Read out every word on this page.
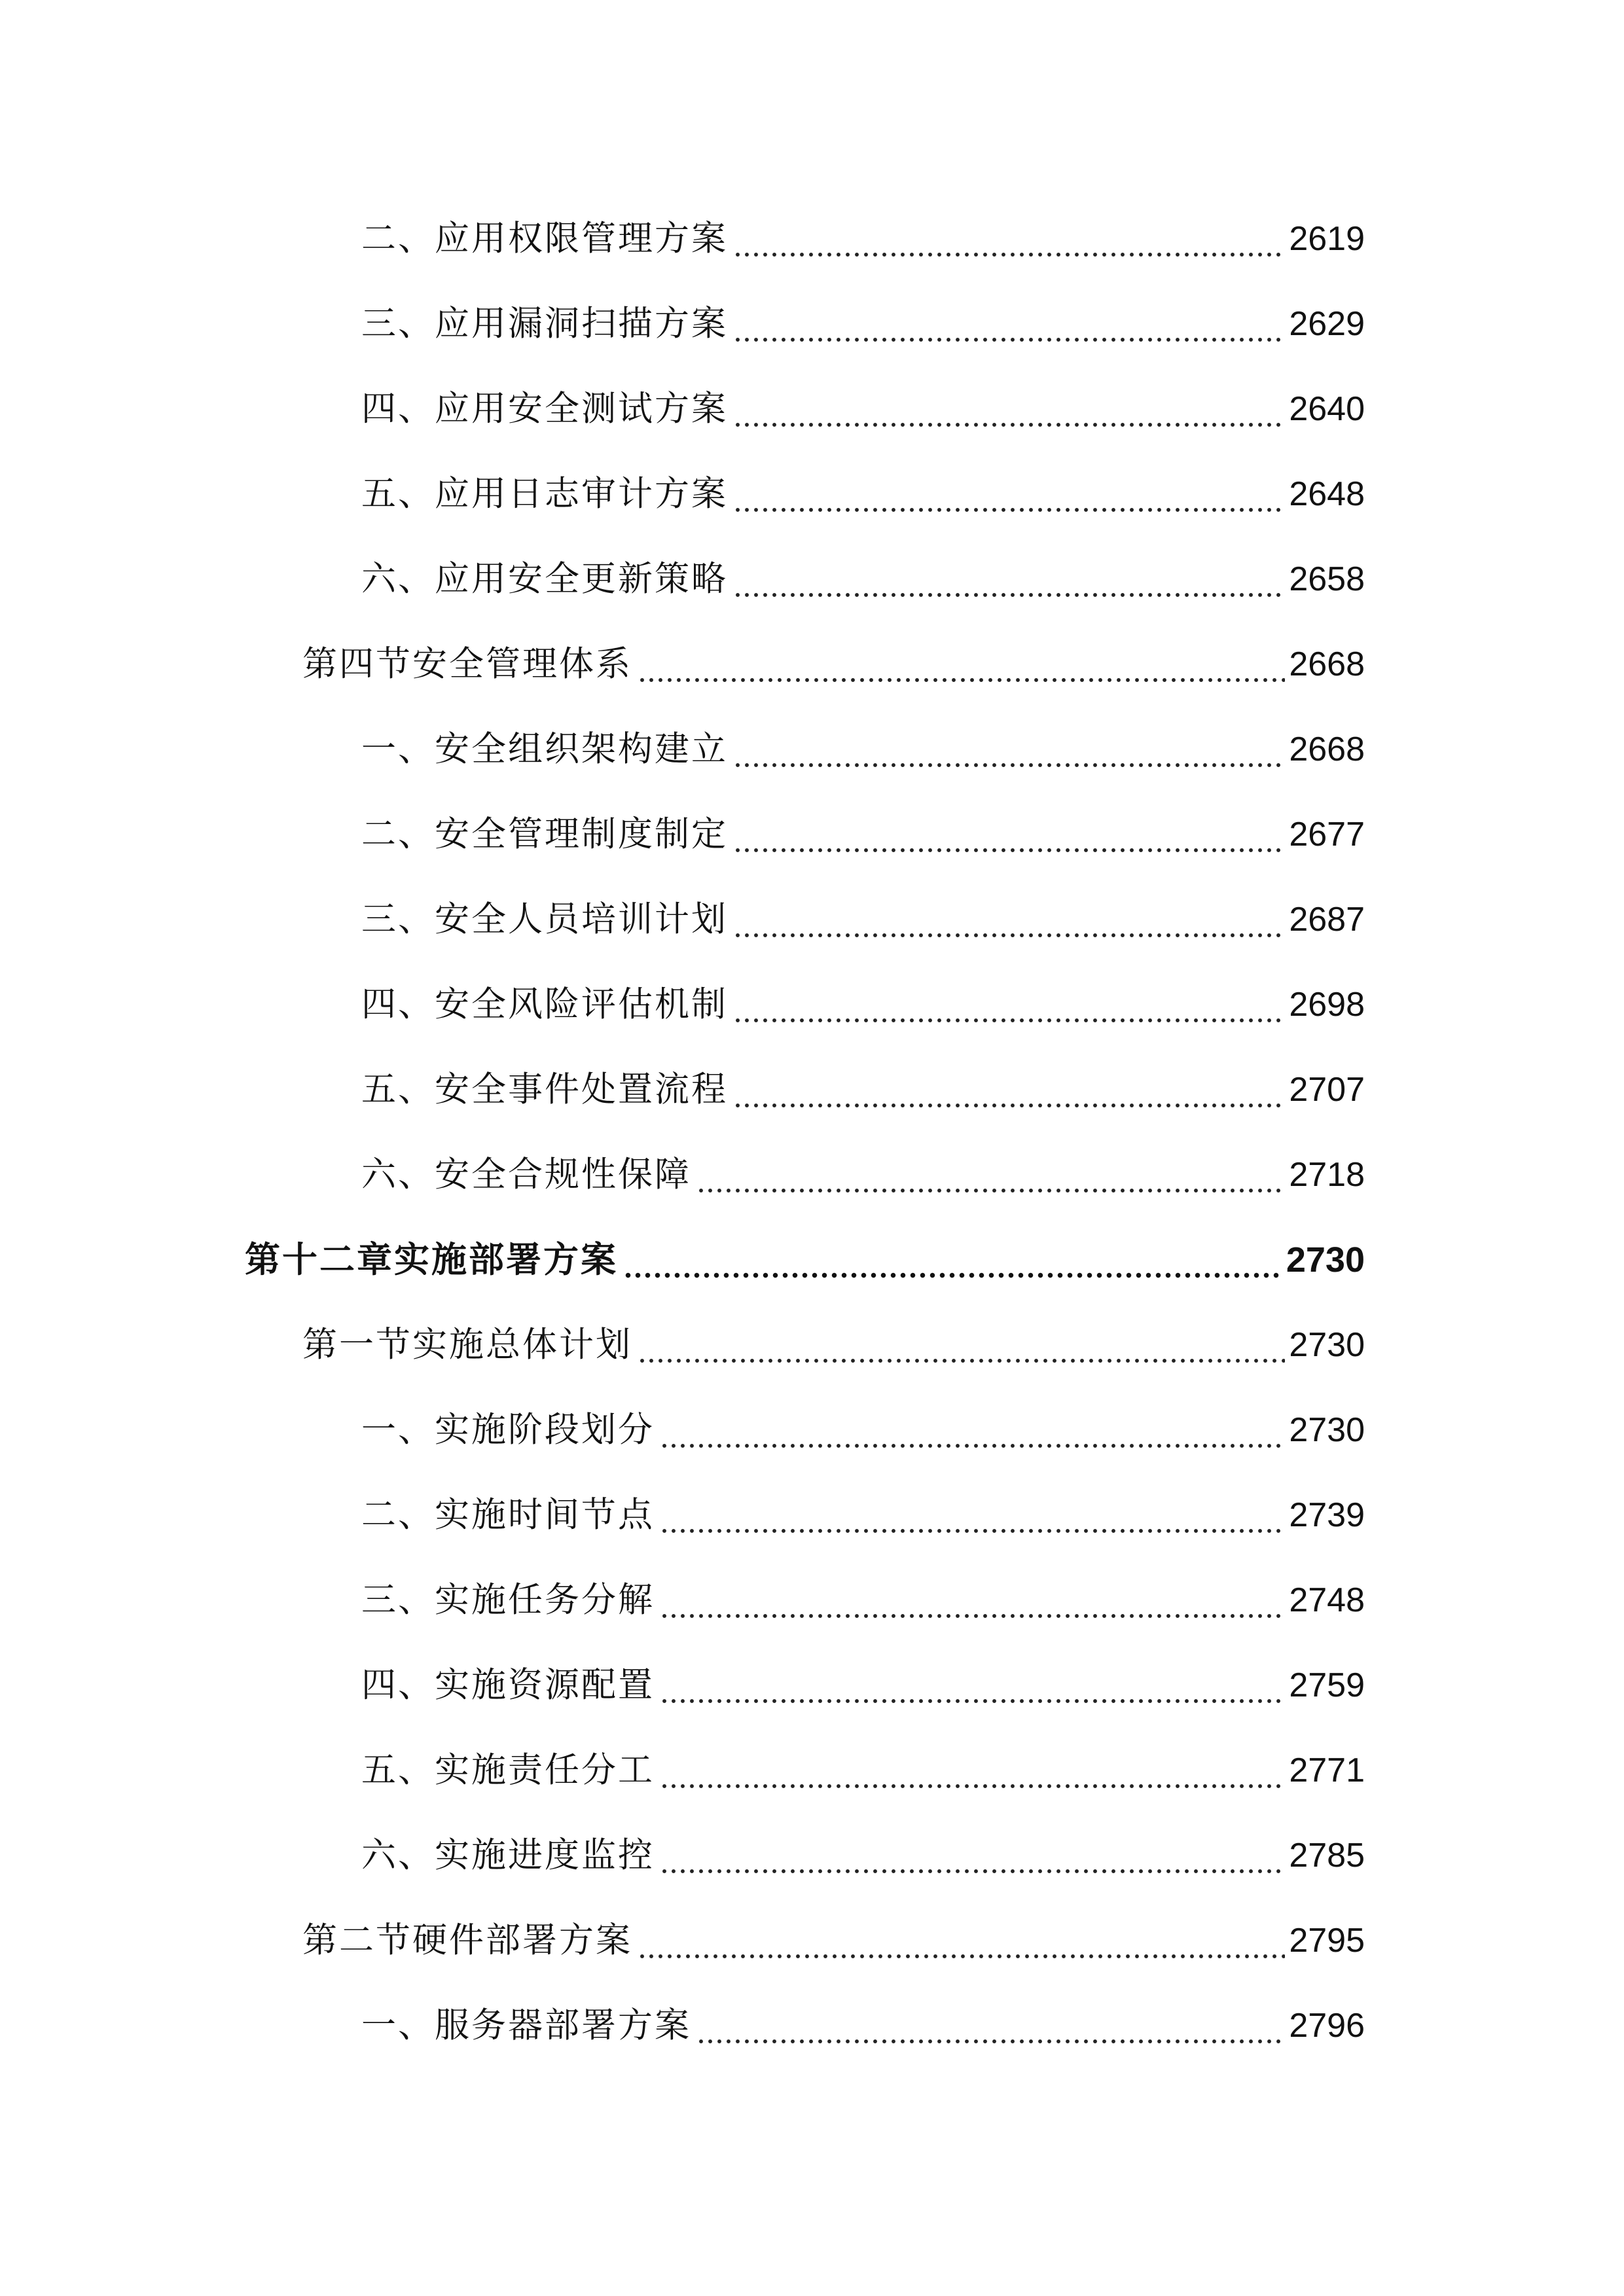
二、应用权限管理方案	2619
三、应用漏洞扫描方案	2629
四、应用安全测试方案	2640
五、应用日志审计方案	2648
六、应用安全更新策略	2658
第四节安全管理体系	2668
一、安全组织架构建立	2668
二、安全管理制度制定	2677
三、安全人员培训计划	2687
四、安全风险评估机制	2698
五、安全事件处置流程	2707
六、安全合规性保障	2718
第十二章实施部署方案	2730
第一节实施总体计划	2730
一、实施阶段划分	2730
二、实施时间节点	2739
三、实施任务分解	2748
四、实施资源配置	2759
五、实施责任分工	2771
六、实施进度监控	2785
第二节硬件部署方案	2795
一、服务器部署方案	2796
